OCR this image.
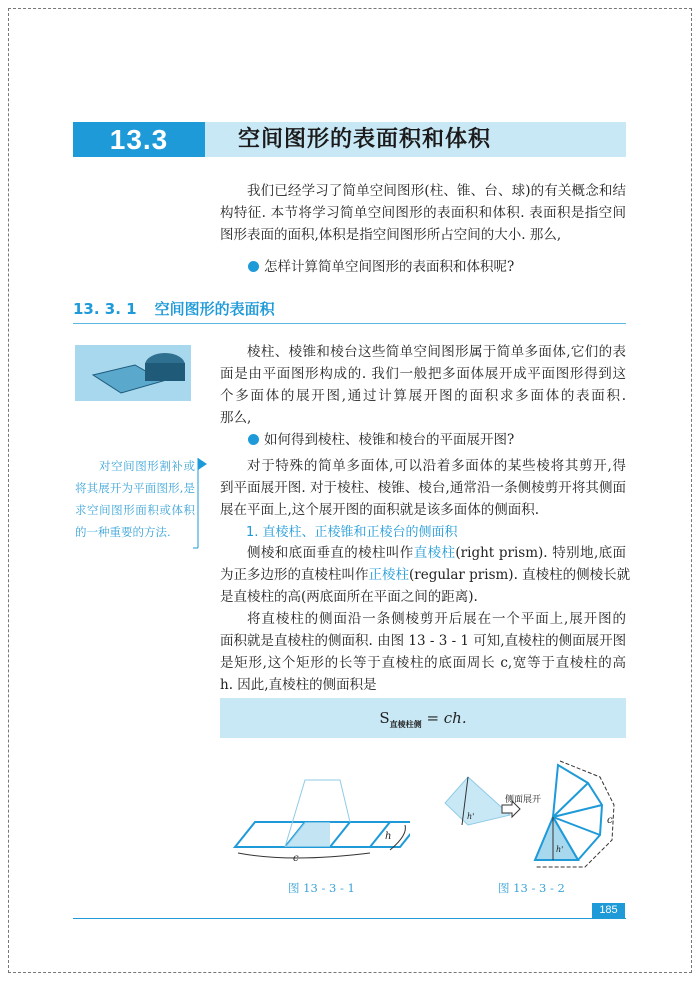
13.3	空间图形的表面积和体积
我们已经学习了简单空间图形(柱、锥、台、球)的有关概念和结
构特征. 本节将学习简单空间图形的表面积和体积. 表面积是指空间
图形表面的面积,体积是指空间图形所占空间的大小. 那么,
怎样计算简单空间图形的表面积和体积呢?
13. 3. 1 空间图形的表面积
棱柱、棱锥和棱台这些简单空间图形属于简单多面体,它们的表
面是由平面图形构成的. 我们一般把多面体展开成平面图形得到这
个多面体的展开图,通过计算展开图的面积求多面体的表面积.
那么,
如何得到棱柱、棱锥和棱台的平面展开图?
对空间图形割补或将其展开为平面图形,是求空间图形面积或体积的一种重要的方法.
对于特殊的简单多面体,可以沿着多面体的某些棱将其剪开,得
到平面展开图. 对于棱柱、棱锥、棱台,通常沿一条侧棱剪开将其侧面
展在平面上,这个展开图的面积就是该多面体的侧面积.
1. 直棱柱、正棱锥和正棱台的侧面积
侧棱和底面垂直的棱柱叫作直棱柱(right prism). 特别地,底面
为正多边形的直棱柱叫作正棱柱(regular prism). 直棱柱的侧棱长就
是直棱柱的高(两底面所在平面之间的距离).
将直棱柱的侧面沿一条侧棱剪开后展在一个平面上,展开图的
面积就是直棱柱的侧面积. 由图 13 - 3 - 1 可知,直棱柱的侧面展开图
是矩形,这个矩形的长等于直棱柱的底面周长 c,宽等于直棱柱的高
h. 因此,直棱柱的侧面积是
$S_{直棱柱侧}$ = ch.
c
h
图 13 - 3 - 1
侧面展开
h'
h'
c
图 13 - 3 - 2
185
